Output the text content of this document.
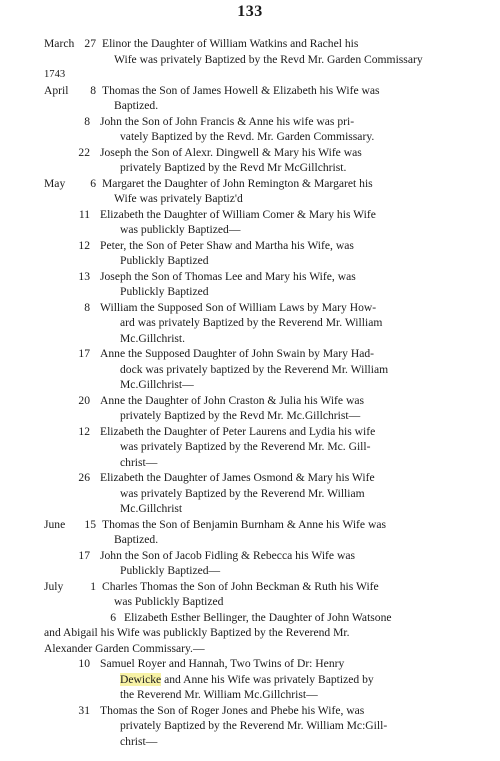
133
March 27 Elinor the Daughter of William Watkins and Rachel his
Wife was privately Baptized by the Revd Mr. Garden Commissary
1743
April	8 Thomas the Son of James Howell & Elizabeth his Wife was
Baptized.
8 John the Son of John Francis & Anne his wife was pri-
vately Baptized by the Revd. Mr. Garden Commissary.
22 Joseph the Son of Alexr. Dingwell & Mary his Wife was
privately Baptized by the Revd Mr McGillchrist.
May	6 Margaret the Daughter of John Remington & Margaret his
Wife was privately Baptiz'd
11 Elizabeth the Daughter of William Comer & Mary his Wife
was publickly Baptized—
12 Peter, the Son of Peter Shaw and Martha his Wife, was
Publickly Baptized
13 Joseph the Son of Thomas Lee and Mary his Wife, was
Publickly Baptized
8 William the Supposed Son of William Laws by Mary How-
ard was privately Baptized by the Reverend Mr. William
Mc.Gillchrist.
17 Anne the Supposed Daughter of John Swain by Mary Had-
dock was privately baptized by the Reverend Mr. William
Mc.Gillchrist—
20 Anne the Daughter of John Craston & Julia his Wife was
privately Baptized by the Revd Mr. Mc.Gillchrist—
12 Elizabeth the Daughter of Peter Laurens and Lydia his wife
was privately Baptized by the Reverend Mr. Mc. Gill-
christ—
26 Elizabeth the Daughter of James Osmond & Mary his Wife
was privately Baptized by the Reverend Mr. William
Mc.Gillchrist
June	15 Thomas the Son of Benjamin Burnham & Anne his Wife was
Baptized.
17 John the Son of Jacob Fidling & Rebecca his Wife was
Publickly Baptized—
July	1 Charles Thomas the Son of John Beckman & Ruth his Wife
was Publickly Baptized
6 Elizabeth Esther Bellinger, the Daughter of John Watsone
and Abigail his Wife was publickly Baptized by the Reverend Mr.
Alexander Garden Commissary.—
10 Samuel Royer and Hannah, Two Twins of Dr: Henry
Dewicke and Anne his Wife was privately Baptized by
the Reverend Mr. William Mc.Gillchrist—
31 Thomas the Son of Roger Jones and Phebe his Wife, was
privately Baptized by the Reverend Mr. William Mc:Gill-
christ—
